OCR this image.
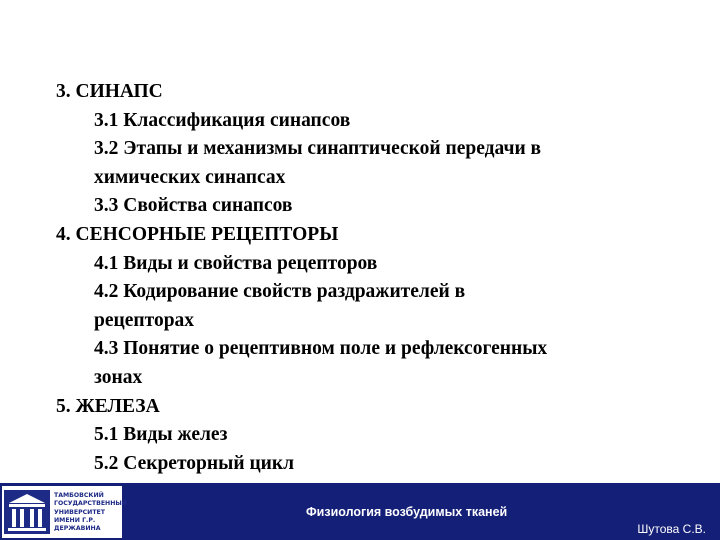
3. СИНАПС
3.1 Классификация синапсов
3.2 Этапы и механизмы синаптической передачи в
химических синапсах
3.3 Свойства синапсов
4. СЕНСОРНЫЕ РЕЦЕПТОРЫ
4.1 Виды и свойства рецепторов
4.2 Кодирование свойств раздражителей в
рецепторах
4.3 Понятие о рецептивном поле и рефлексогенных
зонах
5. ЖЕЛЕЗА
5.1 Виды желез
5.2 Секреторный цикл
ТАМБОВСКИЙ
ГОСУДАРСТВЕННЫЙ
УНИВЕРСИТЕТ
ИМЕНИ Г.Р. ДЕРЖАВИНА
Физиология возбудимых тканей
Шутова С.В.
